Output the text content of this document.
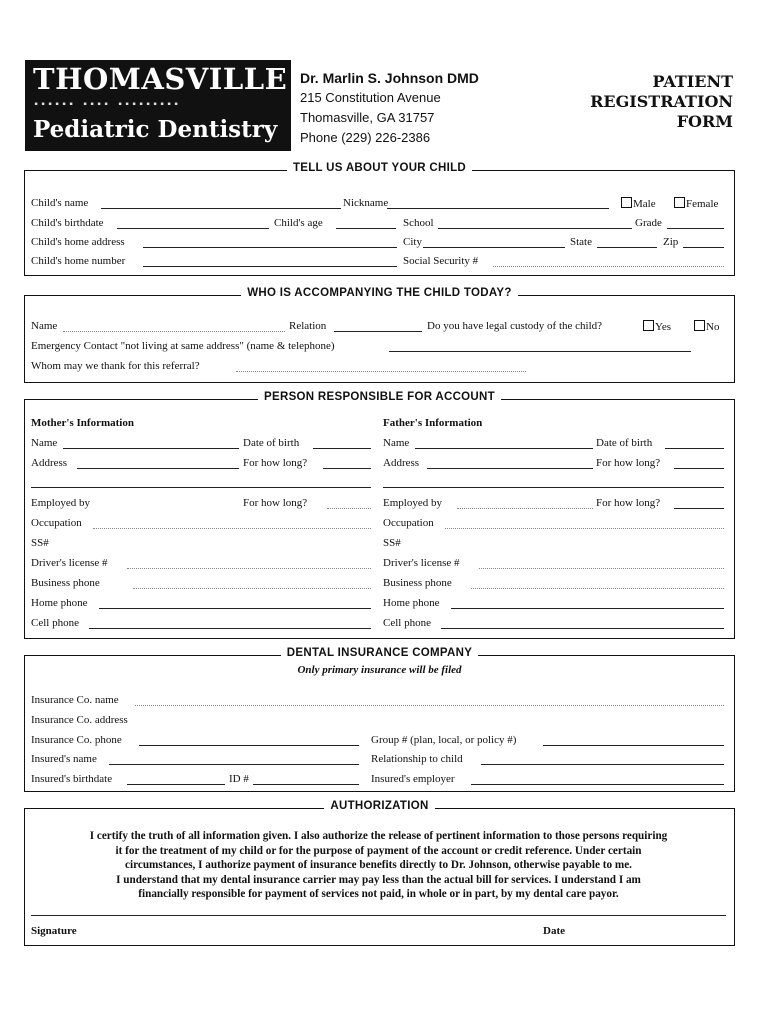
THOMASVILLE
▪▪▪▪▪▪ ▪▪▪▪ ▪▪▪▪▪▪▪▪▪
Pediatric Dentistry
Dr. Marlin S. Johnson DMD
215 Constitution Avenue
Thomasville, GA 31757
Phone (229) 226-2386
PATIENT
REGISTRATION
FORM
TELL US ABOUT YOUR CHILD
Child's name	Nickname	Male	Female
Child's birthdate	Child's age	School	Grade
Child's home address	City	State	Zip
Child's home number	Social Security #
WHO IS ACCOMPANYING THE CHILD TODAY?
Name	Relation	Do you have legal custody of the child?	Yes	No
Emergency Contact "not living at same address" (name & telephone)
Whom may we thank for this referral?
PERSON RESPONSIBLE FOR ACCOUNT
Mother's Information	Father's Information
Name	Date of birth	Name	Date of birth
Address	For how long?	Address	For how long?
Employed by	For how long?	Employed by	For how long?
Occupation	Occupation
SS#	SS#
Driver's license #	Driver's license #
Business phone	Business phone
Home phone	Home phone
Cell phone	Cell phone
DENTAL INSURANCE COMPANY
Only primary insurance will be filed
Insurance Co. name
Insurance Co. address
Insurance Co. phone	Group # (plan, local, or policy #)
Insured's name	Relationship to child
Insured's birthdate	ID #	Insured's employer
AUTHORIZATION
I certify the truth of all information given. I also authorize the release of pertinent information to those persons requiring
it for the treatment of my child or for the purpose of payment of the account or credit reference. Under certain
circumstances, I authorize payment of insurance benefits directly to Dr. Johnson, otherwise payable to me.
I understand that my dental insurance carrier may pay less than the actual bill for services. I understand I am
financially responsible for payment of services not paid, in whole or in part, by my dental care payor.
Signature	Date
